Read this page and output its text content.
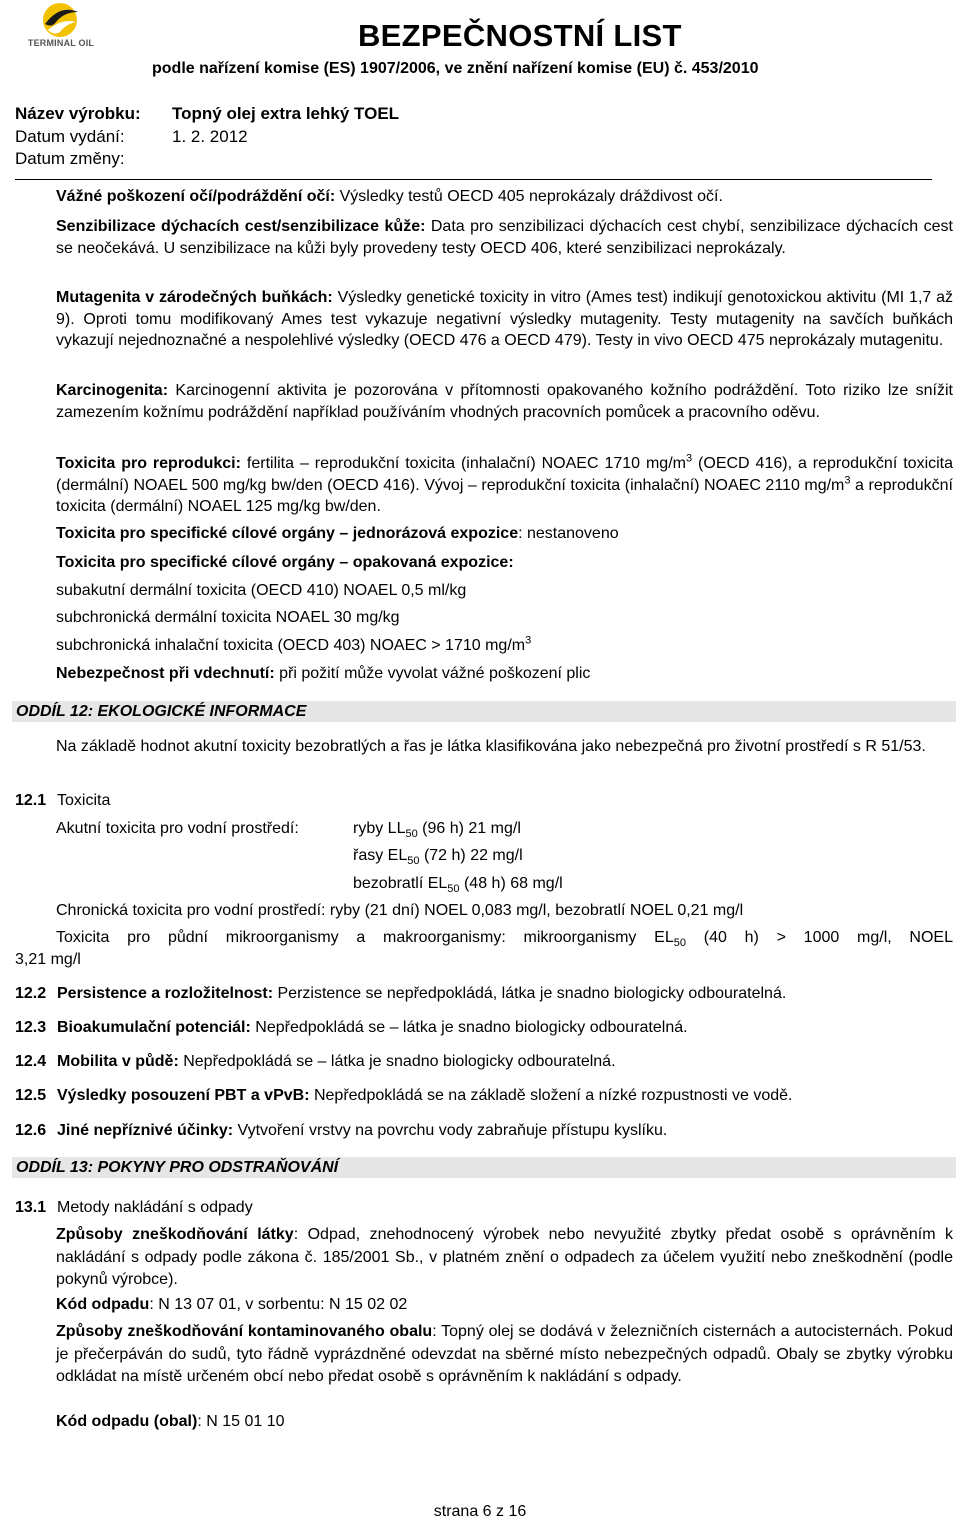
TERMINAL OIL	BEZPEČNOSTNÍ LIST
podle nařízení komise (ES) 1907/2006, ve znění nařízení komise (EU) č. 453/2010
Název výrobku: Topný olej extra lehký TOEL
Datum vydání:	1. 2. 2012
Datum změny:

Vážné poškození očí/podráždění očí: Výsledky testů OECD 405 neprokázaly dráždivost očí.

Senzibilizace dýchacích cest/senzibilizace kůže: Data pro senzibilizaci dýchacích cest chybí, senzibilizace dýchacích cest se neočekává. U senzibilizace na kůži byly provedeny testy OECD 406, které senzibilizaci neprokázaly.

Mutagenita v zárodečných buňkách: Výsledky genetické toxicity in vitro (Ames test) indikují genotoxickou aktivitu (MI 1,7 až 9). Oproti tomu modifikovaný Ames test vykazuje negativní výsledky mutagenity. Testy mutagenity na savčích buňkách vykazují nejednoznačné a nespolehlivé výsledky (OECD 476 a OECD 479). Testy in vivo OECD 475 neprokázaly mutagenitu.

Karcinogenita: Karcinogenní aktivita je pozorována v přítomnosti opakovaného kožního podráždění. Toto riziko lze snížit zamezením kožnímu podráždění například používáním vhodných pracovních pomůcek a pracovního oděvu.

Toxicita pro reprodukci: fertilita – reprodukční toxicita (inhalační) NOAEC 1710 $mg/m^3$ (OECD 416), a reprodukční toxicita (dermální) NOAEL 500 mg/kg bw/den (OECD 416). Vývoj – reprodukční toxicita (inhalační) NOAEC 2110 $mg/m^3$ a reprodukční toxicita (dermální) NOAEL 125 mg/kg bw/den.

Toxicita pro specifické cílové orgány – jednorázová expozice: nestanoveno
Toxicita pro specifické cílové orgány – opakovaná expozice:
subakutní dermální toxicita (OECD 410) NOAEL 0,5 ml/kg
subchronická dermální toxicita NOAEL 30 mg/kg
subchronická inhalační toxicita (OECD 403) NOAEC > 1710 $mg/m^3$
Nebezpečnost při vdechnutí: při požití může vyvolat vážné poškození plic
ODDÍL 12: EKOLOGICKÉ INFORMACE

Na základě hodnot akutní toxicity bezobratlých a řas je látka klasifikována jako nebezpečná pro životní prostředí s R 51/53.

12.1 Toxicita
Akutní toxicita pro vodní prostředí:	ryby $LL_{50}$ (96 h) 21 mg/l
řasy $EL_{50}$ (72 h) 22 mg/l
bezobratlí $EL_{50}$ (48 h) 68 mg/l
Chronická toxicita pro vodní prostředí: ryby (21 dní) NOEL 0,083 mg/l, bezobratlí NOEL 0,21 mg/l

Toxicita pro půdní mikroorganismy a makroorganismy: mikroorganismy $EL_{50}$ (40 h) > 1000 mg/l, NOEL

3,21 mg/l
12.2 Persistence a rozložitelnost: Perzistence se nepředpokládá, látka je snadno biologicky odbouratelná.
12.3 Bioakumulační potenciál: Nepředpokládá se – látka je snadno biologicky odbouratelná.
12.4 Mobilita v půdě: Nepředpokládá se – látka je snadno biologicky odbouratelná.
12.5 Výsledky posouzení PBT a vPvB: Nepředpokládá se na základě složení a nízké rozpustnosti ve vodě.
12.6 Jiné nepříznivé účinky: Vytvoření vrstvy na povrchu vody zabraňuje přístupu kyslíku.
ODDÍL 13: POKYNY PRO ODSTRAŇOVÁNÍ
13.1 Metody nakládání s odpady

Způsoby zneškodňování látky: Odpad, znehodnocený výrobek nebo nevyužité zbytky předat osobě s oprávněním k nakládání s odpady podle zákona č. 185/2001 Sb., v platném znění o odpadech za účelem využití nebo zneškodnění (podle pokynů výrobce).

Kód odpadu: N 13 07 01, v sorbentu: N 15 02 02

Způsoby zneškodňování kontaminovaného obalu: Topný olej se dodává v železničních cisternách a autocisternách. Pokud je přečerpáván do sudů, tyto řádně vyprázdněné odevzdat na sběrné místo nebezpečných odpadů. Obaly se zbytky výrobku odkládat na místě určeném obcí nebo předat osobě s oprávněním k nakládání s odpady.

Kód odpadu (obal): N 15 01 10
strana 6 z 16
